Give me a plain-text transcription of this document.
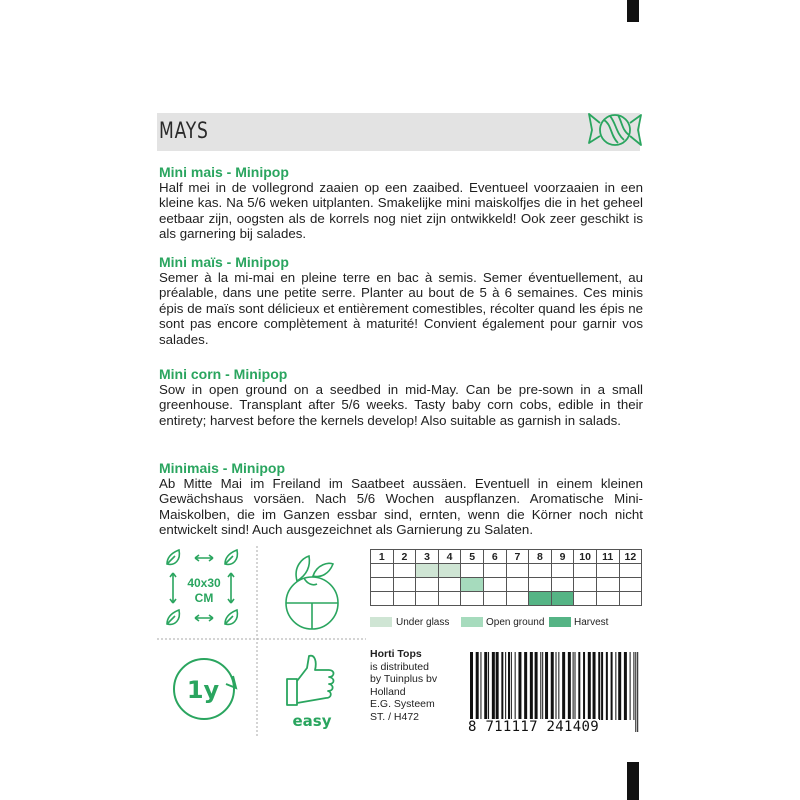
MAYS
Mini mais - Minipop
Half mei in de vollegrond zaaien op een zaaibed. Eventueel voorzaaien in een kleine kas. Na 5/6 weken uitplanten. Smakelijke mini maiskolfjes die in het geheel eetbaar zijn, oogsten als de korrels nog niet zijn ontwikkeld! Ook zeer geschikt is als garnering bij salades.
Mini maïs - Minipop
Semer à la mi-mai en pleine terre en bac à semis. Semer éventuellement, au préalable, dans une petite serre. Planter au bout de 5 à 6 semaines. Ces minis épis de maïs sont délicieux et entièrement comestibles, récolter quand les épis ne sont pas encore complètement à maturité! Convient également pour garnir vos salades.
Mini corn - Minipop
Sow in open ground on a seedbed in mid-May. Can be pre-sown in a small greenhouse. Transplant after 5/6 weeks. Tasty baby corn cobs, edible in their entirety; harvest before the kernels develop! Also suitable as garnish in salads.
Minimais - Minipop
Ab Mitte Mai im Freiland im Saatbeet aussäen. Eventuell in einem kleinen Gewächshaus vorsäen. Nach 5/6 Wochen auspflanzen. Aromatische Mini-Maiskolben, die im Ganzen essbar sind, ernten, wenn die Körner noch nicht entwickelt sind! Auch ausgezeichnet als Garnierung zu Salaten.
40x30
CM
1y
easy
1	2	3	4	5	6	7	8	9	10	11	12

Under glass	Open ground	Harvest
Horti Tops
is distributed
by Tuinplus bv
Holland
E.G. Systeem
ST. / H472
8 711117 241409
